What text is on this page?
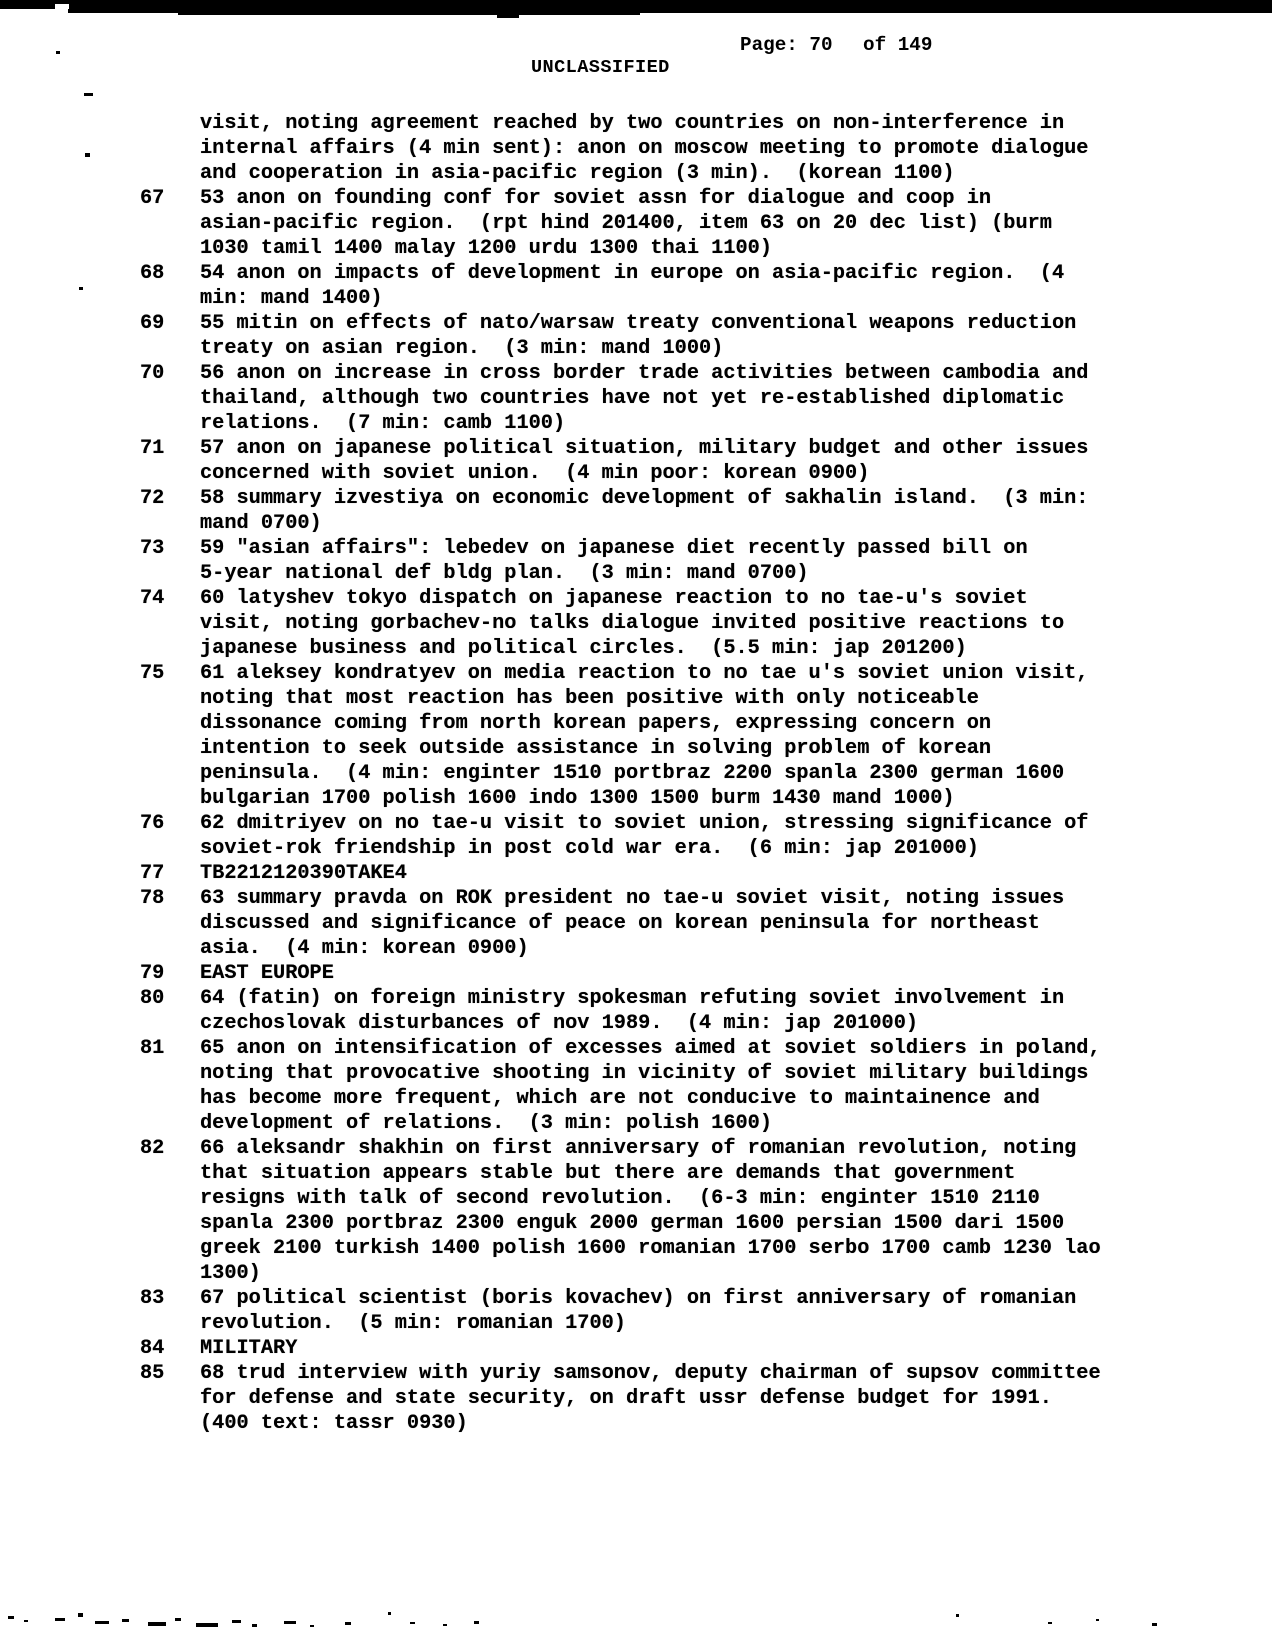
Page: 70 of 149
UNCLASSIFIED
visit, noting agreement reached by two countries on non-interference in
internal affairs (4 min sent): anon on moscow meeting to promote dialogue
and cooperation in asia-pacific region (3 min).  (korean 1100)
67	53 anon on founding conf for soviet assn for dialogue and coop in
asian-pacific region.  (rpt hind 201400, item 63 on 20 dec list) (burm
1030 tamil 1400 malay 1200 urdu 1300 thai 1100)
68	54 anon on impacts of development in europe on asia-pacific region.  (4
min: mand 1400)
69	55 mitin on effects of nato/warsaw treaty conventional weapons reduction
treaty on asian region.  (3 min: mand 1000)
70	56 anon on increase in cross border trade activities between cambodia and
thailand, although two countries have not yet re-established diplomatic
relations.  (7 min: camb 1100)
71	57 anon on japanese political situation, military budget and other issues
concerned with soviet union.  (4 min poor: korean 0900)
72	58 summary izvestiya on economic development of sakhalin island.  (3 min:
mand 0700)
73	59 "asian affairs": lebedev on japanese diet recently passed bill on
5-year national def bldg plan.  (3 min: mand 0700)
74	60 latyshev tokyo dispatch on japanese reaction to no tae-u's soviet
visit, noting gorbachev-no talks dialogue invited positive reactions to
japanese business and political circles.  (5.5 min: jap 201200)
75	61 aleksey kondratyev on media reaction to no tae u's soviet union visit,
noting that most reaction has been positive with only noticeable
dissonance coming from north korean papers, expressing concern on
intention to seek outside assistance in solving problem of korean
peninsula.  (4 min: enginter 1510 portbraz 2200 spanla 2300 german 1600
bulgarian 1700 polish 1600 indo 1300 1500 burm 1430 mand 1000)
76	62 dmitriyev on no tae-u visit to soviet union, stressing significance of
soviet-rok friendship in post cold war era.  (6 min: jap 201000)
77	TB2212120390TAKE4
78	63 summary pravda on ROK president no tae-u soviet visit, noting issues
discussed and significance of peace on korean peninsula for northeast
asia.  (4 min: korean 0900)
79	EAST EUROPE
80	64 (fatin) on foreign ministry spokesman refuting soviet involvement in
czechoslovak disturbances of nov 1989.  (4 min: jap 201000)
81	65 anon on intensification of excesses aimed at soviet soldiers in poland,
noting that provocative shooting in vicinity of soviet military buildings
has become more frequent, which are not conducive to maintainence and
development of relations.  (3 min: polish 1600)
82	66 aleksandr shakhin on first anniversary of romanian revolution, noting
that situation appears stable but there are demands that government
resigns with talk of second revolution.  (6-3 min: enginter 1510 2110
spanla 2300 portbraz 2300 enguk 2000 german 1600 persian 1500 dari 1500
greek 2100 turkish 1400 polish 1600 romanian 1700 serbo 1700 camb 1230 lao
1300)
83	67 political scientist (boris kovachev) on first anniversary of romanian
revolution.  (5 min: romanian 1700)
84	MILITARY
85	68 trud interview with yuriy samsonov, deputy chairman of supsov committee
for defense and state security, on draft ussr defense budget for 1991.
(400 text: tassr 0930)
